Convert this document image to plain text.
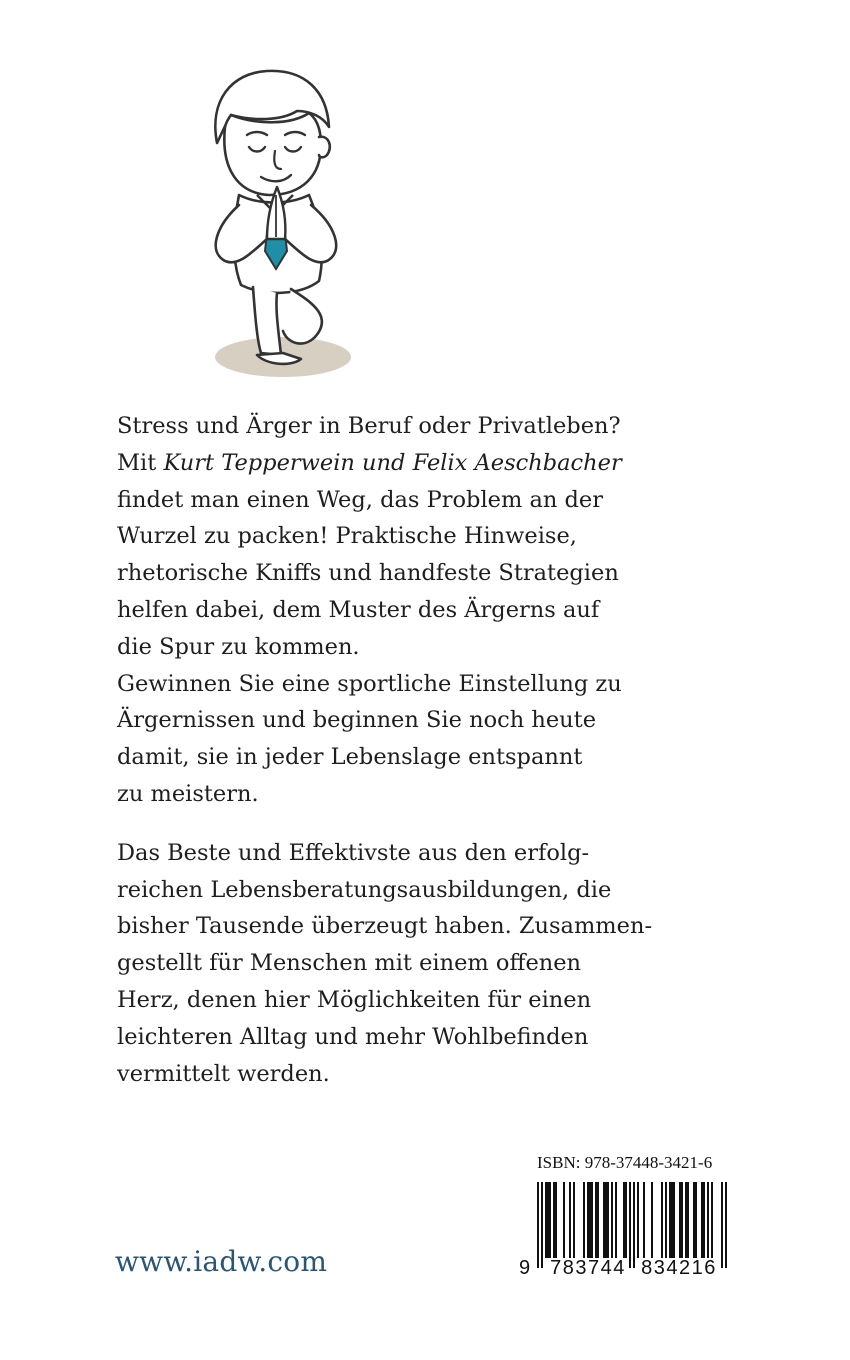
Stress und Ärger in Beruf oder Privatleben?

Mit Kurt Tepperwein und Felix Aeschbacher

findet man einen Weg, das Problem an der

Wurzel zu packen! Praktische Hinweise,

rhetorische Kniffs und handfeste Strategien

helfen dabei, dem Muster des Ärgerns auf

die Spur zu kommen.

Gewinnen Sie eine sportliche Einstellung zu

Ärgernissen und beginnen Sie noch heute

damit, sie in jeder Lebenslage entspannt

zu meistern.

Das Beste und Effektivste aus den erfolg-

reichen Lebensberatungsausbildungen, die

bisher Tausende überzeugt haben. Zusammen-

gestellt für Menschen mit einem offenen

Herz, denen hier Möglichkeiten für einen

leichteren Alltag und mehr Wohlbefinden

vermittelt werden.

www.iadw.com
ISBN: 978-37448-3421-6
9	783744 834216
